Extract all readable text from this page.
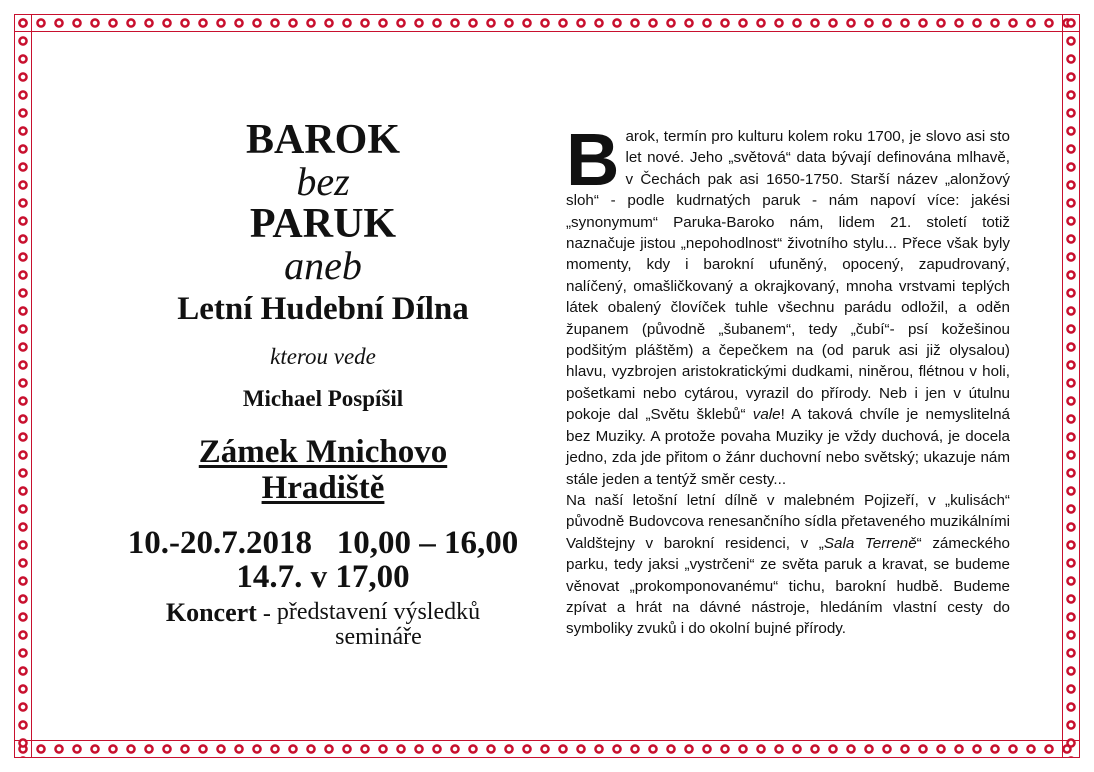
BAROK

bez

PARUK

aneb

Letní Hudební Dílna

kterou vede

Michael Pospíšil

Zámek Mnichovo
Hradiště

10.-20.7.2018   10,00 – 16,00

14.7. v 17,00

Koncert - představení výsledků
semináře

B arok, termín pro kulturu kolem roku 1700, je slovo asi sto let nové. Jeho „světová“ data bývají definována mlhavě, v Čechách pak asi 1650-1750. Starší název „alonžový sloh“ - podle kudrnatých paruk - nám napoví více: jakési „synonymum“ Paruka-Baroko nám, lidem 21. století totiž naznačuje jistou „nepohodlnost“ životního stylu... Přece však byly momenty, kdy i barokní ufuněný, opocený, zapudrovaný, nalíčený, omašličkovaný a okrajkovaný, mnoha vrstvami teplých látek obalený človíček tuhle všechnu parádu odložil, a oděn županem (původně „šubanem“, tedy „čubí“- psí kožešinou podšitým pláštěm) a čepečkem na (od paruk asi již olysalou) hlavu, vyzbrojen aristokratickými dudkami, niněrou, flétnou v holi, pošetkami nebo cytárou, vyrazil do přírody. Neb i jen v útulnu pokoje dal „Světu šklebů“ vale! A taková chvíle je nemyslitelná bez Muziky. A protože povaha Muziky je vždy duchová, je docela jedno, zda jde přitom o žánr duchovní nebo světský; ukazuje nám stále jeden a tentýž směr cesty...

Na naší letošní letní dílně v malebném Pojizeří, v „kulisách“ původně Budovcova renesančního sídla přetaveného muzikálními Valdštejny v barokní residenci, v „Sala Terreně“ zámeckého parku, tedy jaksi „vystrčeni“ ze světa paruk a kravat, se budeme věnovat „prokomponovanému“ tichu, barokní hudbě. Budeme zpívat a hrát na dávné nástroje, hledáním vlastní cesty do symboliky zvuků i do okolní bujné přírody.
